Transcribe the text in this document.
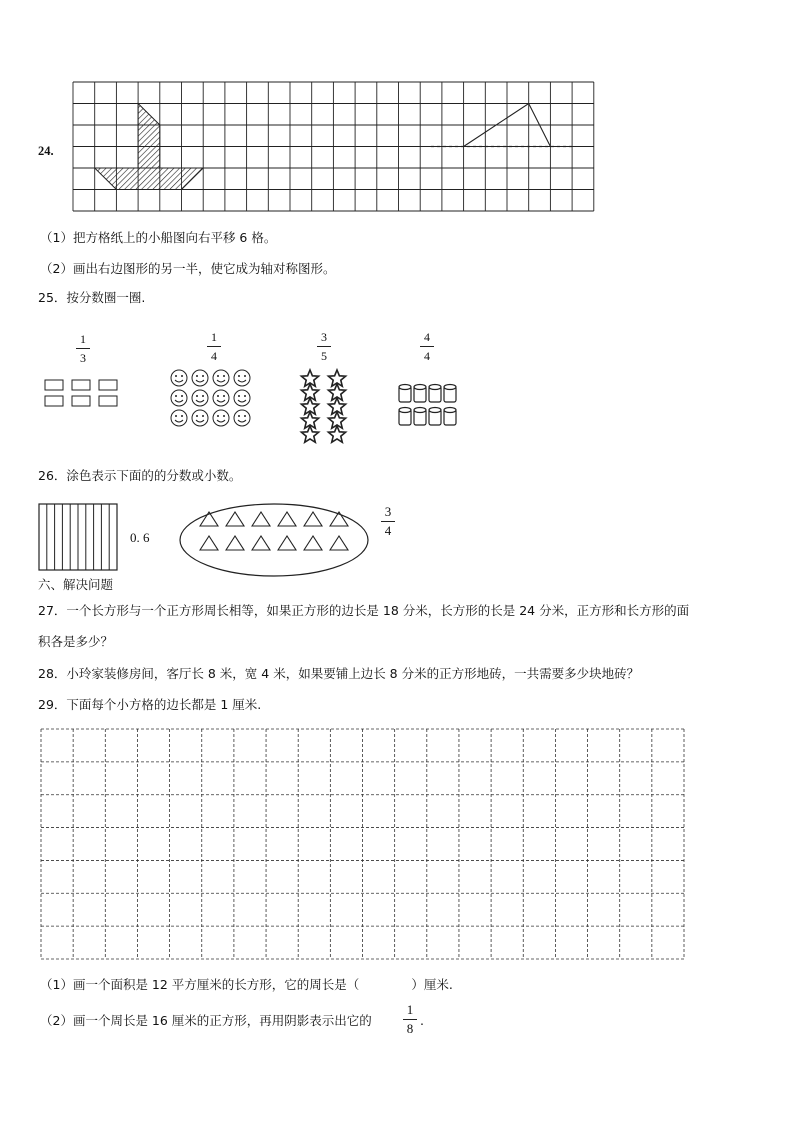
24.
（1）把方格纸上的小船图向右平移 6 格。
（2）画出右边图形的另一半，使它成为轴对称图形。
25．按分数圈一圈.
1
3
1
4
3
5
4
4
26．涂色表示下面的的分数或小数。
0. 6
3
4
六、解决问题
27．一个长方形与一个正方形周长相等，如果正方形的边长是 18 分米，长方形的长是 24 分米，正方形和长方形的面
积各是多少？
28．小玲家装修房间，客厅长 8 米，宽 4 米，如果要铺上边长 8 分米的正方形地砖，一共需要多少块地砖？
29．下面每个小方格的边长都是 1 厘米.
（1）画一个面积是 12 平方厘米的长方形，它的周长是（	）厘米.
（2）画一个周长是 16 厘米的正方形，再用阴影表示出它的
1
8
.
